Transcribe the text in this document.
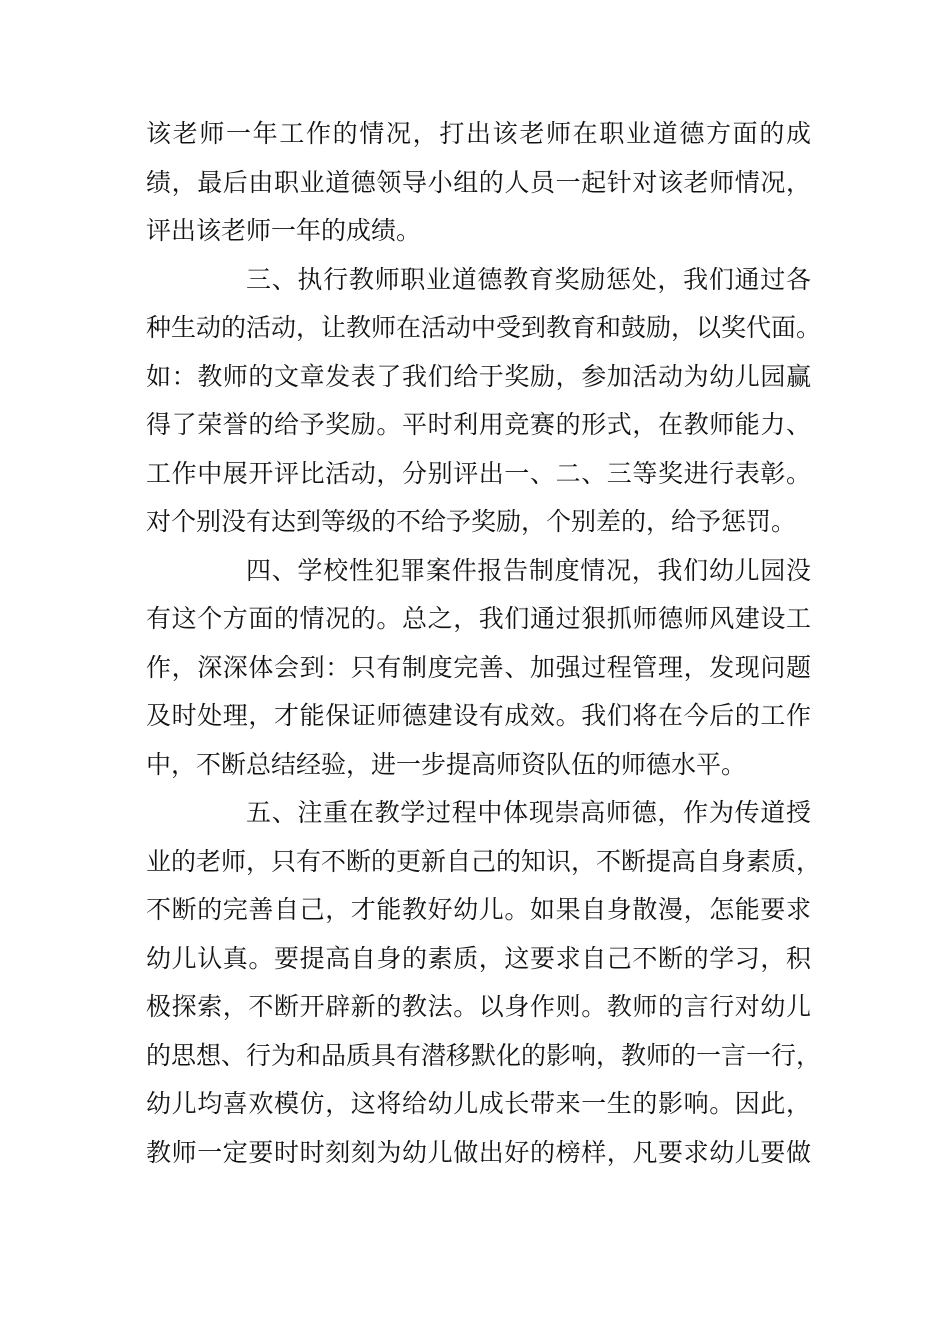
该老师一年工作的情况，打出该老师在职业道德方面的成
绩，最后由职业道德领导小组的人员一起针对该老师情况，
评出该老师一年的成绩。
三、执行教师职业道德教育奖励惩处，我们通过各
种生动的活动，让教师在活动中受到教育和鼓励，以奖代面。
如：教师的文章发表了我们给于奖励，参加活动为幼儿园赢
得了荣誉的给予奖励。平时利用竞赛的形式，在教师能力、
工作中展开评比活动，分别评出一、二、三等奖进行表彰。
对个别没有达到等级的不给予奖励，个别差的，给予惩罚。
四、学校性犯罪案件报告制度情况，我们幼儿园没
有这个方面的情况的。总之，我们通过狠抓师德师风建设工
作，深深体会到：只有制度完善、加强过程管理，发现问题
及时处理，才能保证师德建设有成效。我们将在今后的工作
中，不断总结经验，进一步提高师资队伍的师德水平。
五、注重在教学过程中体现崇高师德，作为传道授
业的老师，只有不断的更新自己的知识，不断提高自身素质，
不断的完善自己，才能教好幼儿。如果自身散漫，怎能要求
幼儿认真。要提高自身的素质，这要求自己不断的学习，积
极探索，不断开辟新的教法。以身作则。教师的言行对幼儿
的思想、行为和品质具有潜移默化的影响，教师的一言一行，
幼儿均喜欢模仿，这将给幼儿成长带来一生的影响。因此，
教师一定要时时刻刻为幼儿做出好的榜样，凡要求幼儿要做
